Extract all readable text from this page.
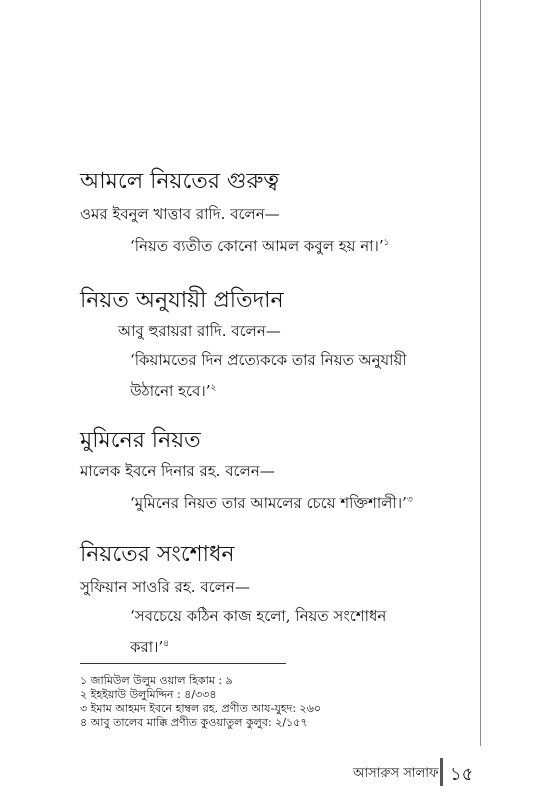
আমলে নিয়তের গুরুত্ব
ওমর ইবনুল খাত্তাব রাদি. বলেন—
‘নিয়ত ব্যতীত কোনো আমল কবুল হয় না।’$^১$
নিয়ত অনুযায়ী প্রতিদান
আবু হুরায়রা রাদি. বলেন—
‘কিয়ামতের দিন প্রত্যেককে তার নিয়ত অনুযায়ী উঠানো হবে।’$^২$
মুমিনের নিয়ত
মালেক ইবনে দিনার রহ. বলেন—
‘মুমিনের নিয়ত তার আমলের চেয়ে শক্তিশালী।’$^৩$
নিয়তের সংশোধন
সুফিয়ান সাওরি রহ. বলেন—
‘সবচেয়ে কঠিন কাজ হলো, নিয়ত সংশোধন করা।’$^৪$
১ জামিউল উলুম ওয়াল হিকাম : ৯
২ ইহইয়াউ উলুমিদ্দিন : ৪/৩৩৪
৩ ইমাম আহমদ ইবনে হাম্বল রহ. প্রণীত আয-যুহদ: ২৬০
৪ আবু তালেব মাক্কি প্রণীত কুওয়াতুল কুলুব: ২/১৫৭
আসারুস সালাফ ১৫
